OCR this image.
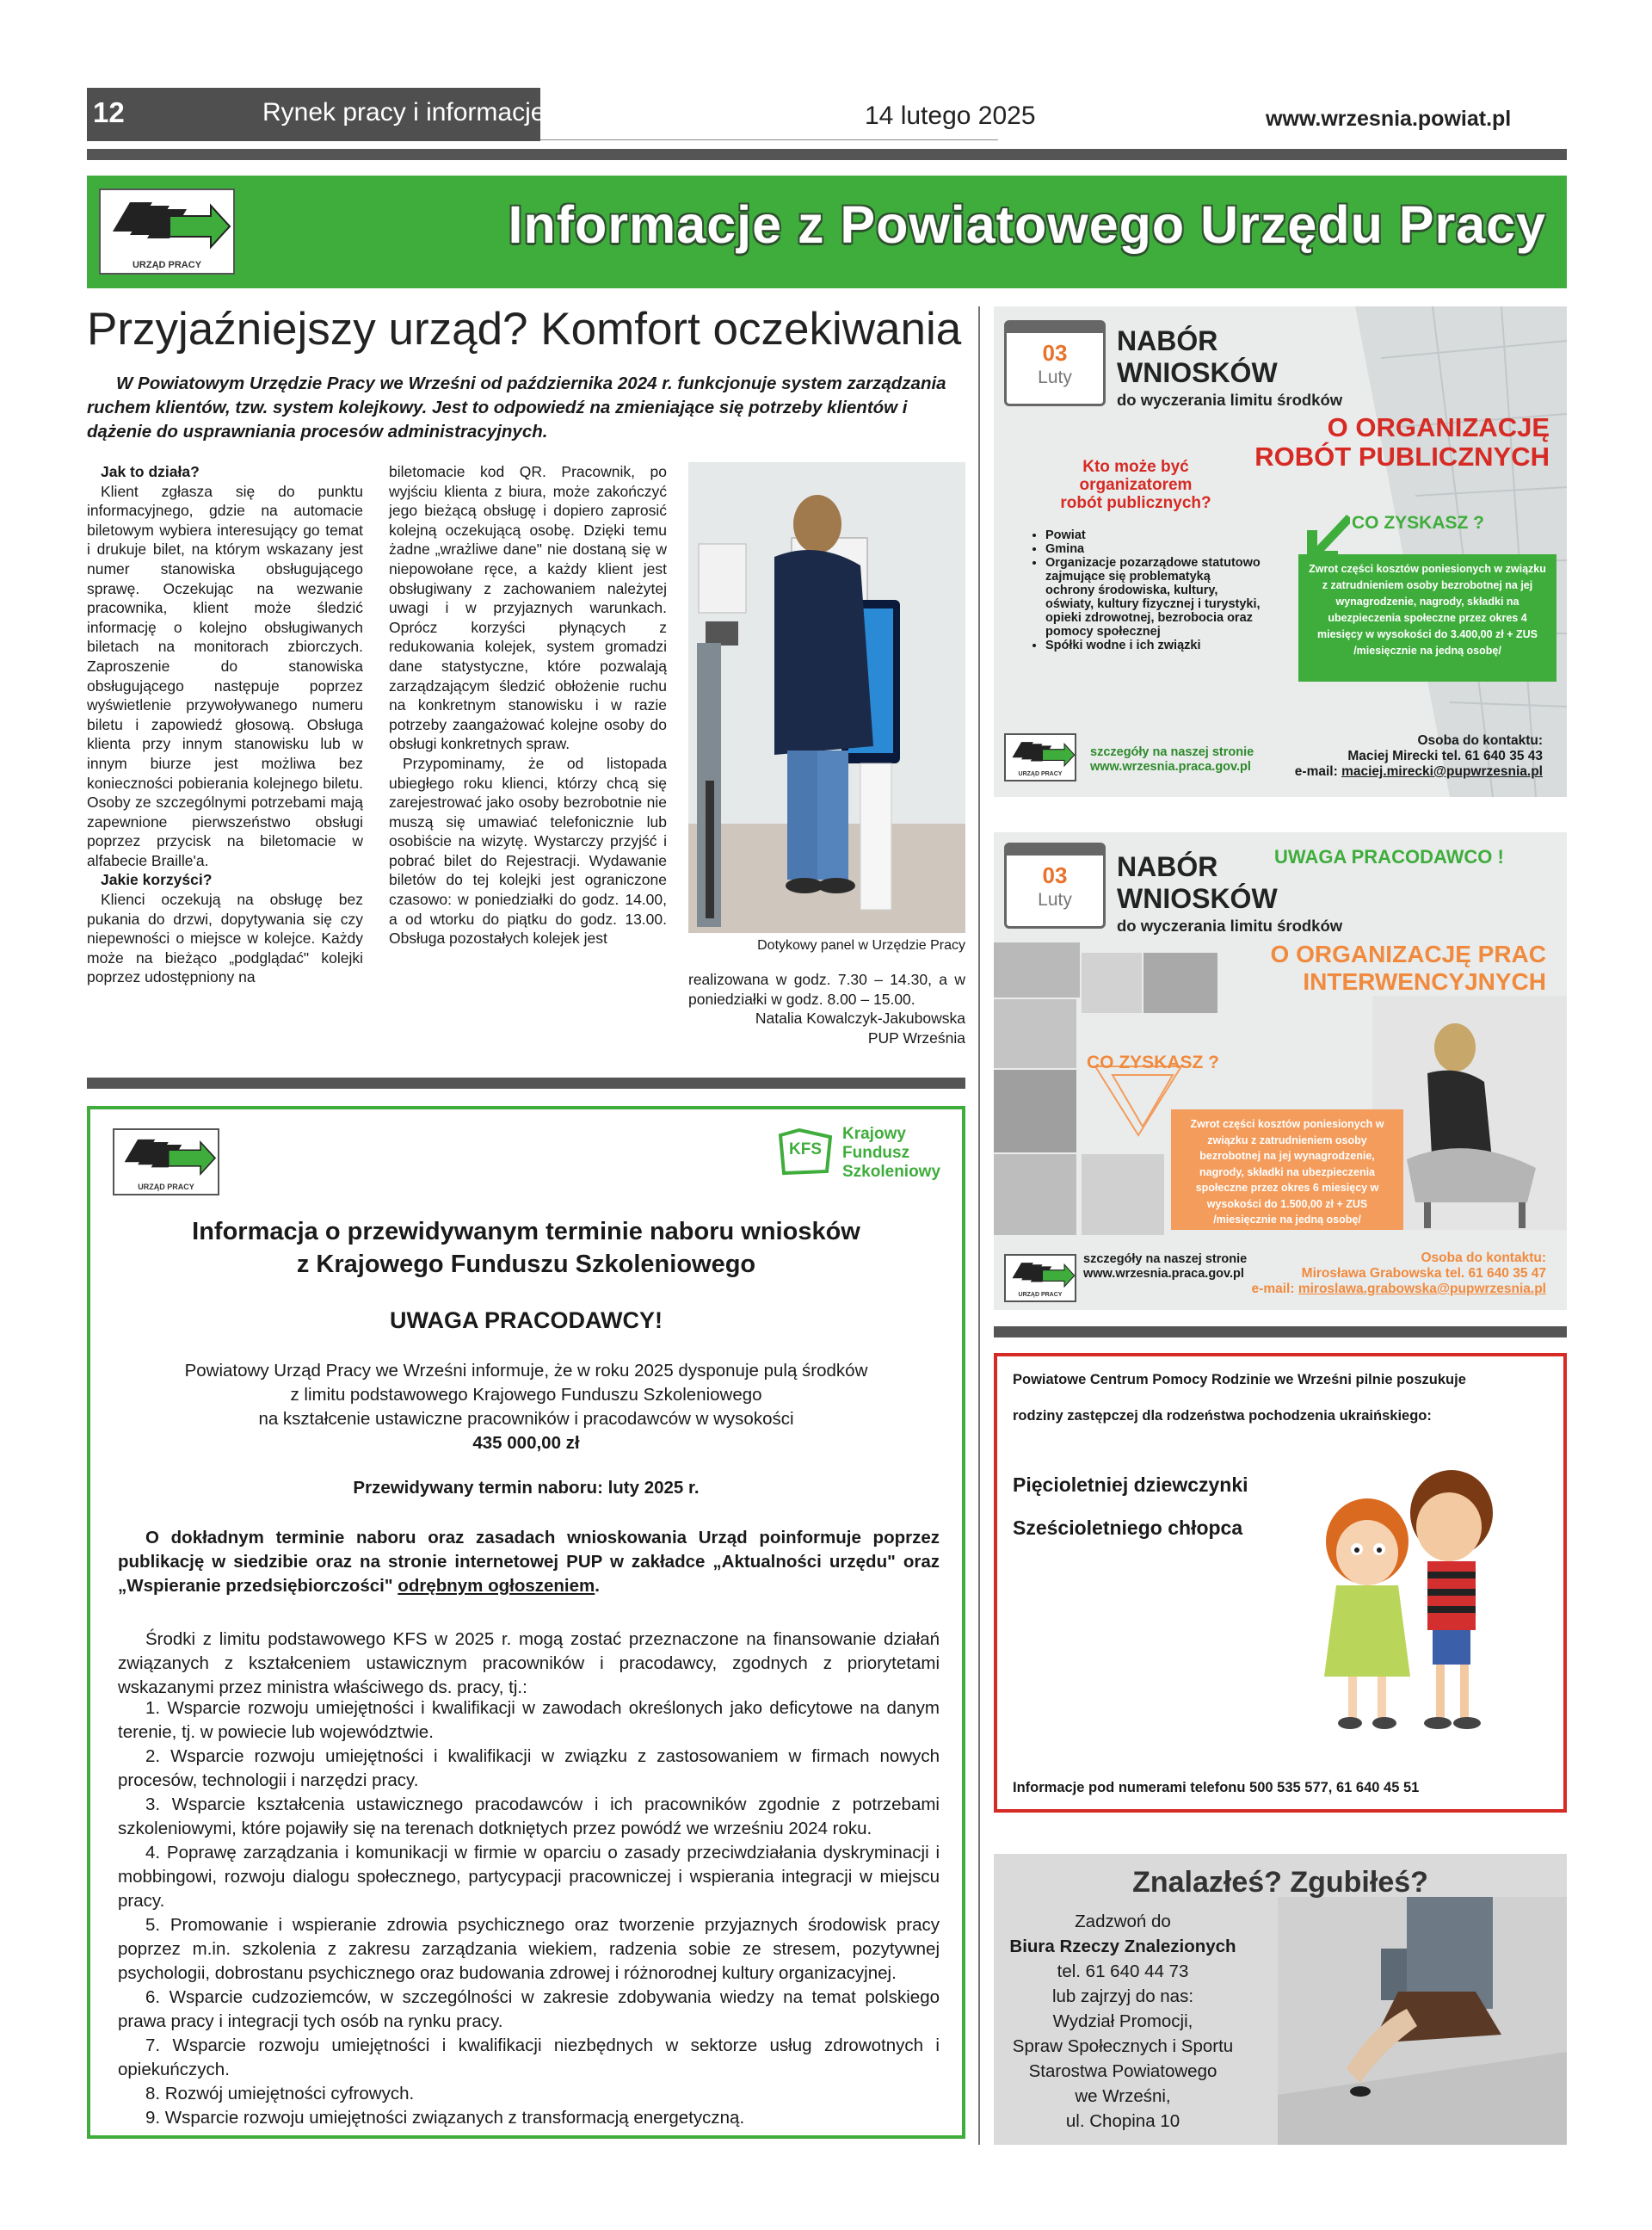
12	Rynek pracy i informacje	14 lutego 2025	www.wrzesnia.powiat.pl
URZĄD PRACY
Informacje z Powiatowego Urzędu Pracy
Przyjaźniejszy urząd? Komfort oczekiwania
W Powiatowym Urzędzie Pracy we Wrześni od października 2024 r. funkcjonuje system zarządzania ruchem klientów, tzw. system kolejkowy. Jest to odpowiedź na zmieniające się potrzeby klientów i dążenie do usprawniania procesów administracyjnych.

Jak to działa?

Klient zgłasza się do punktu informacyjnego, gdzie na automacie biletowym wybiera interesujący go temat i drukuje bilet, na którym wskazany jest numer stanowiska obsługującego sprawę. Oczekując na wezwanie pracownika, klient może śledzić informację o kolejno obsługiwanych biletach na monitorach zbiorczych. Zaproszenie do stanowiska obsługującego następuje poprzez wyświetlenie przywoływanego numeru biletu i zapowiedź głosową. Obsługa klienta przy innym stanowisku lub w innym biurze jest możliwa bez konieczności pobierania kolejnego biletu. Osoby ze szczególnymi potrzebami mają zapewnione pierwszeństwo obsługi poprzez przycisk na biletomacie w alfabecie Braille'a.

Jakie korzyści?

Klienci oczekują na obsługę bez pukania do drzwi, dopytywania się czy niepewności o miejsce w kolejce. Każdy może na bieżąco „podglądać" kolejki poprzez udostępniony na

biletomacie kod QR. Pracownik, po wyjściu klienta z biura, może zakończyć jego bieżącą obsługę i dopiero zaprosić kolejną oczekującą osobę. Dzięki temu żadne „wrażliwe dane" nie dostaną się w niepowołane ręce, a każdy klient jest obsługiwany z zachowaniem należytej uwagi i w przyjaznych warunkach. Oprócz korzyści płynących z redukowania kolejek, system gromadzi dane statystyczne, które pozwalają zarządzającym śledzić obłożenie ruchu na konkretnym stanowisku i w razie potrzeby zaangażować kolejne osoby do obsługi konkretnych spraw.

Przypominamy, że od listopada ubiegłego roku klienci, którzy chcą się zarejestrować jako osoby bezrobotnie nie muszą się umawiać telefonicznie lub osobiście na wizytę. Wystarczy przyjść i pobrać bilet do Rejestracji. Wydawanie biletów do tej kolejki jest ograniczone czasowo: w poniedziałki do godz. 14.00, a od wtorku do piątku do godz. 13.00. Obsługa pozostałych kolejek jest	Dotykowy panel w Urzędzie Pracy

realizowana w godz. 7.30 – 14.30, a w poniedziałki w godz. 8.00 – 15.00.

Natalia Kowalczyk-Jakubowska

PUP Września

URZĄD PRACY
KFS
Krajowy
Fundusz
Szkoleniowy
Informacja o przewidywanym terminie naboru wniosków
z Krajowego Funduszu Szkoleniowego
UWAGA PRACODAWCY!
Powiatowy Urząd Pracy we Wrześni informuje, że w roku 2025 dysponuje pulą środków
z limitu podstawowego Krajowego Funduszu Szkoleniowego
na kształcenie ustawiczne pracowników i pracodawców w wysokości
435 000,00 zł
Przewidywany termin naboru: luty 2025 r.
O dokładnym terminie naboru oraz zasadach wnioskowania Urząd poinformuje poprzez publikację w siedzibie oraz na stronie internetowej PUP w zakładce „Aktualności urzędu" oraz „Wspieranie przedsiębiorczości" odrębnym ogłoszeniem.
Środki z limitu podstawowego KFS w 2025 r. mogą zostać przeznaczone na finansowanie działań związanych z kształceniem ustawicznym pracowników i pracodawcy, zgodnych z priorytetami wskazanymi przez ministra właściwego ds. pracy, tj.:
1. Wsparcie rozwoju umiejętności i kwalifikacji w zawodach określonych jako deficytowe na danym terenie, tj. w powiecie lub województwie.
2. Wsparcie rozwoju umiejętności i kwalifikacji w związku z zastosowaniem w firmach nowych procesów, technologii i narzędzi pracy.
3. Wsparcie kształcenia ustawicznego pracodawców i ich pracowników zgodnie z potrzebami szkoleniowymi, które pojawiły się na terenach dotkniętych przez powódź we wrześniu 2024 roku.
4. Poprawę zarządzania i komunikacji w firmie w oparciu o zasady przeciwdziałania dyskryminacji i mobbingowi, rozwoju dialogu społecznego, partycypacji pracowniczej i wspierania integracji w miejscu pracy.
5. Promowanie i wspieranie zdrowia psychicznego oraz tworzenie przyjaznych środowisk pracy poprzez m.in. szkolenia z zakresu zarządzania wiekiem, radzenia sobie ze stresem, pozytywnej psychologii, dobrostanu psychicznego oraz budowania zdrowej i różnorodnej kultury organizacyjnej.
6. Wsparcie cudzoziemców, w szczególności w zakresie zdobywania wiedzy na temat polskiego prawa pracy i integracji tych osób na rynku pracy.
7. Wsparcie rozwoju umiejętności i kwalifikacji niezbędnych w sektorze usług zdrowotnych i opiekuńczych.
8. Rozwój umiejętności cyfrowych.
9. Wsparcie rozwoju umiejętności związanych z transformacją energetyczną.
03
Luty
NABÓR
WNIOSKÓW
do wyczerania limitu środków
O ORGANIZACJĘ
ROBÓT PUBLICZNYCH
Kto może być
organizatorem
robót publicznych?
• Powiat
• Gmina
• Organizacje pozarządowe statutowo zajmujące się problematyką ochrony środowiska, kultury, oświaty, kultury fizycznej i turystyki, opieki zdrowotnej, bezrobocia oraz pomocy społecznej
• Spółki wodne i ich związki
CO ZYSKASZ ?
Zwrot części kosztów poniesionych w związku z zatrudnieniem osoby bezrobotnej na jej wynagrodzenie, nagrody, składki na ubezpieczenia społeczne przez okres 4 miesięcy w wysokości do 3.400,00 zł + ZUS /miesięcznie na jedną osobę/
URZĄD PRACY
szczegóły na naszej stronie
www.wrzesnia.praca.gov.pl
Osoba do kontaktu:
Maciej Mirecki tel. 61 640 35 43
e-mail: maciej.mirecki@pupwrzesnia.pl
03
Luty
UWAGA PRACODAWCO !
NABÓR
WNIOSKÓW
do wyczerania limitu środków
O ORGANIZACJĘ PRAC
INTERWENCYJNYCH
CO ZYSKASZ ?
Zwrot części kosztów poniesionych w związku z zatrudnieniem osoby bezrobotnej na jej wynagrodzenie, nagrody, składki na ubezpieczenia społeczne przez okres 6 miesięcy w wysokości do 1.500,00 zł + ZUS /miesięcznie na jedną osobę/
URZĄD PRACY
szczegóły na naszej stronie
www.wrzesnia.praca.gov.pl
Osoba do kontaktu:
Mirosława Grabowska tel. 61 640 35 47
e-mail: miroslawa.grabowska@pupwrzesnia.pl
Powiatowe Centrum Pomocy Rodzinie we Wrześni pilnie poszukuje
rodziny zastępczej dla rodzeństwa pochodzenia ukraińskiego:
Pięcioletniej dziewczynki
Sześcioletniego chłopca
Informacje pod numerami telefonu 500 535 577, 61 640 45 51
Znalazłeś? Zgubiłeś?
Zadzwoń do
Biura Rzeczy Znalezionych
tel. 61 640 44 73
lub zajrzyj do nas:
Wydział Promocji,
Spraw Społecznych i Sportu
Starostwa Powiatowego
we Wrześni,
ul. Chopina 10
